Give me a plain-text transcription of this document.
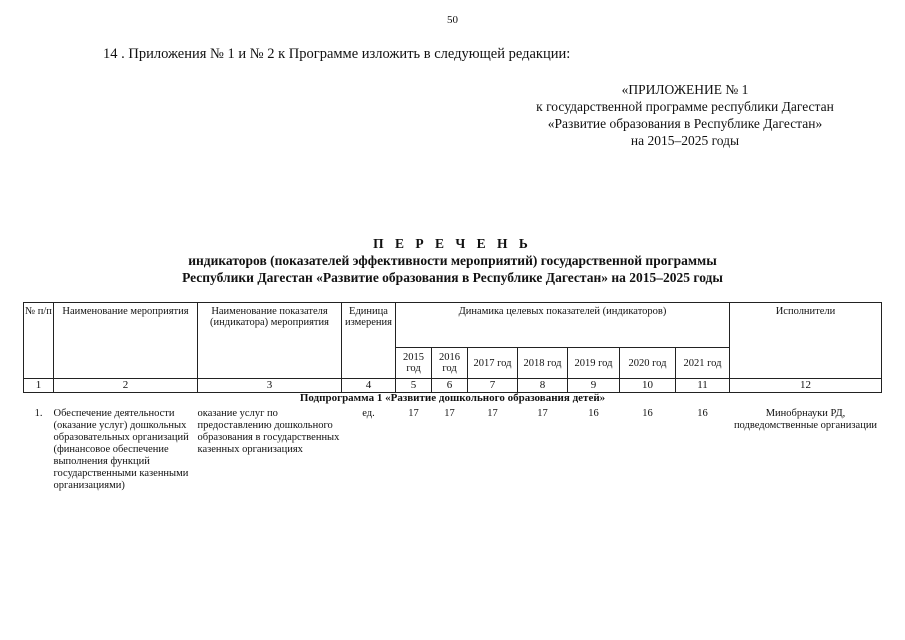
50
14 . Приложения № 1 и № 2 к Программе изложить в следующей редакции:
«ПРИЛОЖЕНИЕ № 1
к государственной программе республики Дагестан
«Развитие образования в Республике Дагестан»
на 2015–2025 годы
П Е Р Е Ч Е Н Ь
индикаторов (показателей эффективности мероприятий) государственной программы
Республики Дагестан «Развитие образования в Республике Дагестан» на 2015–2025 годы
№ п/п	Наименование мероприятия	Наименование показателя (индикатора) мероприятия	Единица измерения	Динамика целевых показателей (индикаторов)							Исполнители
				2015 год	2016 год	2017 год	2018 год	2019 год	2020 год	2021 год	
1	2	3	4	5	6	7	8	9	10	11	12
Подпрограмма 1 «Развитие дошкольного образования детей»											
1.	Обеспечение деятельности (оказание услуг) дошкольных образовательных организаций (финансовое обеспечение выполнения функций государственными казенными организациями)	оказание услуг по предоставлению дошкольного образования в государственных казенных организациях	ед.	17	17	17	17	16	16	16	Минобрнауки РД, подведомственные организации
